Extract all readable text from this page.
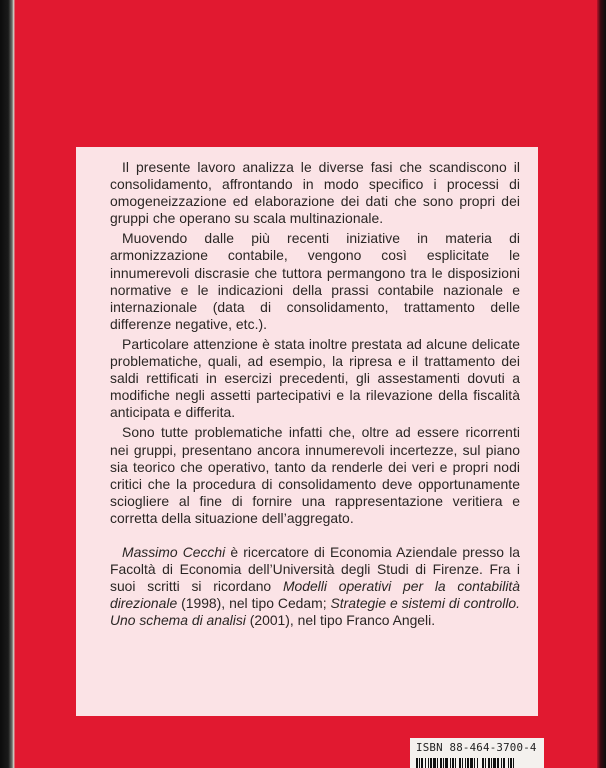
Il presente lavoro analizza le diverse fasi che scandiscono il consolidamento, affrontando in modo specifico i processi di omogeneizzazione ed elaborazione dei dati che sono propri dei gruppi che operano su scala multinazionale.

Muovendo dalle più recenti iniziative in materia di armonizzazione contabile, vengono così esplicitate le innumerevoli discrasie che tuttora permangono tra le disposizioni normative e le indicazioni della prassi contabile nazionale e internazionale (data di consolidamento, trattamento delle differenze negative, etc.).

Particolare attenzione è stata inoltre prestata ad alcune delicate problematiche, quali, ad esempio, la ripresa e il trattamento dei saldi rettificati in esercizi precedenti, gli assestamenti dovuti a modifiche negli assetti partecipativi e la rilevazione della fiscalità anticipata e differita.

Sono tutte problematiche infatti che, oltre ad essere ricorrenti nei gruppi, presentano ancora innumerevoli incertezze, sul piano sia teorico che operativo, tanto da renderle dei veri e propri nodi critici che la procedura di consolidamento deve opportunamente sciogliere al fine di fornire una rappresentazione veritiera e corretta della situazione dell’aggregato.

Massimo Cecchi è ricercatore di Economia Aziendale presso la Facoltà di Economia dell’Università degli Studi di Firenze. Fra i suoi scritti si ricordano Modelli operativi per la contabilità direzionale (1998), nel tipo Cedam; Strategie e sistemi di controllo. Uno schema di analisi (2001), nel tipo Franco Angeli.
ISBN 88-464-3700-4
